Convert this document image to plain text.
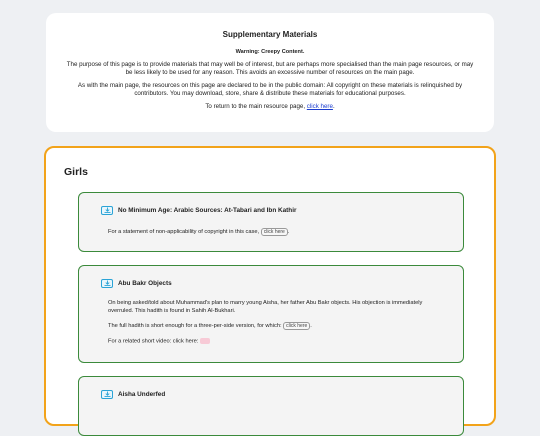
Supplementary Materials
Warning: Creepy Content.

The purpose of this page is to provide materials that may well be of interest, but are perhaps more specialised than the main page resources, or may be less likely to be used for any reason. This avoids an excessive number of resources on the main page.

As with the main page, the resources on this page are declared to be in the public domain: All copyright on these materials is relinquished by contributors. You may download, store, share & distribute these materials for educational purposes.

To return to the main resource page, click here.

Girls
No Minimum Age: Arabic Sources: At-Tabari and Ibn Kathir

For a statement of non-applicability of copyright in this case, click here .

Abu Bakr Objects

On being asked/told about Muhammad's plan to marry young Aisha, her father Abu Bakr objects. His objection is immediately overruled. This hadith is found in Sahih Al-Bukhari.

The full hadith is short enough for a three-per-side version, for which: click here .

For a related short video: click here:

Aisha Underfed
